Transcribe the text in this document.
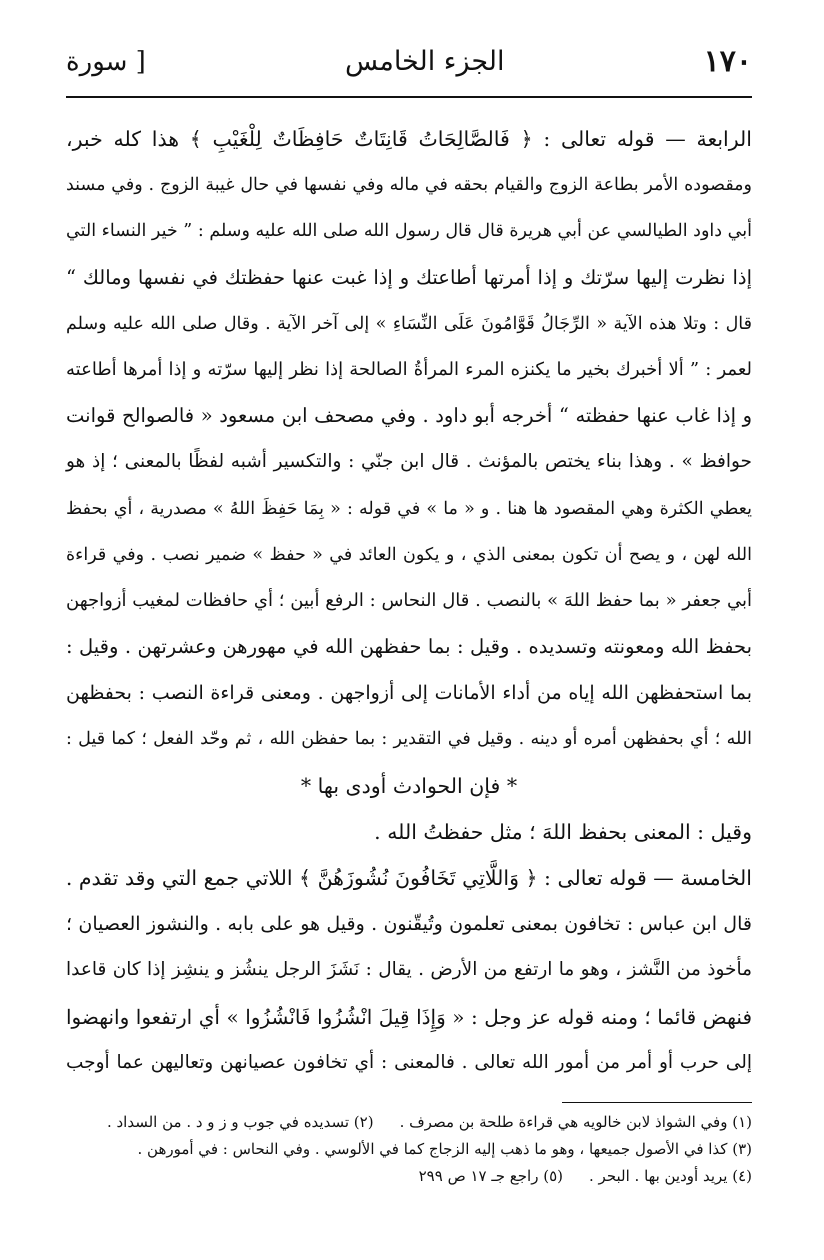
١٧٠
الجزء الخامس
[ سورة
الرابعة — قوله تعالى : ﴿ فَالصَّالِحَاتُ قَانِتَاتٌ حَافِظَاتٌ لِلْغَيْبِ ﴾ هذا كله خبر،
ومقصوده الأمر بطاعة الزوج والقيام بحقه في ماله وفي نفسها في حال غيبة الزوج . وفي مسند
أبي داود الطيالسي عن أبي هريرة قال قال رسول الله صلى الله عليه وسلم : ” خير النساء التي
إذا نظرت إليها سرّتك و إذا أمرتها أطاعتك و إذا غبت عنها حفظتك في نفسها ومالك “
قال : وتلا هذه الآية « الرِّجَالُ قَوَّامُونَ عَلَى النِّسَاءِ » إلى آخر الآية . وقال صلى الله عليه وسلم
لعمر : ” ألا أخبرك بخير ما يكنزه المرء المرأةُ الصالحة إذا نظر إليها سرّته و إذا أمرها أطاعته
و إذا غاب عنها حفظته “ أخرجه أبو داود . وفي مصحف ابن مسعود « فالصوالح قوانت
حوافظ » . وهذا بناء يختص بالمؤنث . قال ابن جنّي : والتكسير أشبه لفظًا بالمعنى ؛ إذ هو
يعطي الكثرة وهي المقصود ها هنا . و « ما » في قوله : « بِمَا حَفِظَ اللهُ » مصدرية ، أي بحفظ
الله لهن ، و يصح أن تكون بمعنى الذي ، و يكون العائد في « حفظ » ضمير نصب . وفي قراءة
أبي جعفر « بما حفظ اللهَ » بالنصب . قال النحاس : الرفع أبين ؛ أي حافظات لمغيب أزواجهن
بحفظ الله ومعونته وتسديده . وقيل : بما حفظهن الله في مهورهن وعشرتهن . وقيل :
بما استحفظهن الله إياه من أداء الأمانات إلى أزواجهن . ومعنى قراءة النصب : بحفظهن
الله ؛ أي بحفظهن أمره أو دينه . وقيل في التقدير : بما حفظن الله ، ثم وحّد الفعل ؛ كما قيل :
* فإن الحوادث أودى بها *
وقيل : المعنى بحفظ اللهَ ؛ مثل حفظتُ الله .
الخامسة — قوله تعالى : ﴿ وَاللَّاتِي تَخَافُونَ نُشُوزَهُنَّ ﴾ اللاتي جمع التي وقد تقدم .
قال ابن عباس : تخافون بمعنى تعلمون وتُيقّنون . وقيل هو على بابه . والنشوز العصيان ؛
مأخوذ من النَّشز ، وهو ما ارتفع من الأرض . يقال : نَشَزَ الرجل ينشُز و ينشِز إذا كان قاعدا
فنهض قائما ؛ ومنه قوله عز وجل : « وَإِذَا قِيلَ انْشُزُوا فَانْشُزُوا » أي ارتفعوا وانهضوا
إلى حرب أو أمر من أمور الله تعالى . فالمعنى : أي تخافون عصيانهن وتعاليهن عما أوجب
(١) وفي الشواذ لابن خالويه هي قراءة طلحة بن مصرف .
(٢) تسديده في جوب و ز و د . من السداد .
(٣) كذا في الأصول جميعها ، وهو ما ذهب إليه الزجاج كما في الألوسي . وفي النحاس : في أمورهن .
(٤) يريد أودين بها . البحر .
(٥) راجع جـ ١٧ ص ٢٩٩
